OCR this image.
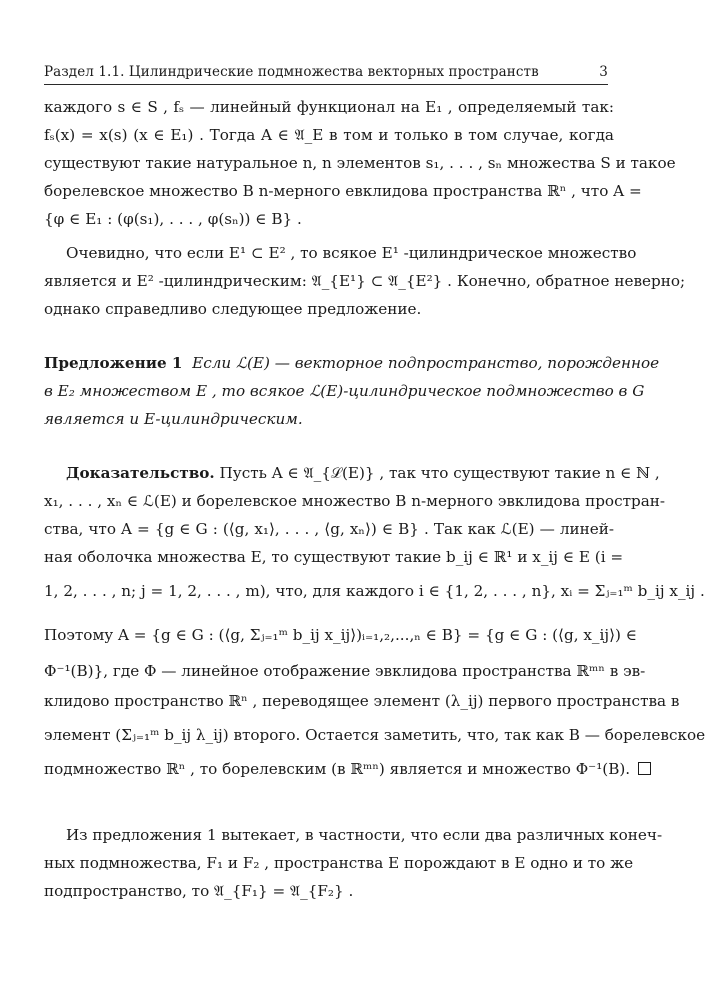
Раздел 1.1. Цилиндрические подмножества векторных пространств	3
каждого s ∈ S , fₛ — линейный функционал на E₁ , определяемый так:
fₛ(x) = x(s) (x ∈ E₁) . Тогда A ∈ 𝔄_E в том и только в том случае, когда
существуют такие натуральное n, n элементов s₁, . . . , sₙ множества S и такое
борелевское множество B n-мерного евклидова пространства ℝⁿ , что A =
{φ ∈ E₁ : (φ(s₁), . . . , φ(sₙ)) ∈ B} .
Очевидно, что если E¹ ⊂ E² , то всякое E¹ -цилиндрическое множество
является и E² -цилиндрическим: 𝔄_{E¹} ⊂ 𝔄_{E²} . Конечно, обратное неверно;
однако справедливо следующее предложение.
Предложение 1 Если ℒ(E) — векторное подпространство, порожденное
в E₂ множеством E , то всякое ℒ(E)-цилиндрическое подмножество в G
является и E-цилиндрическим.
Доказательство. Пусть A ∈ 𝔄_{ℒ(E)} , так что существуют такие n ∈ ℕ ,
x₁, . . . , xₙ ∈ ℒ(E) и борелевское множество B n-мерного эвклидова простран-
ства, что A = {g ∈ G : (⟨g, x₁⟩, . . . , ⟨g, xₙ⟩) ∈ B} . Так как ℒ(E) — линей-
ная оболочка множества E, то существуют такие b_ij ∈ ℝ¹ и x_ij ∈ E (i =
1, 2, . . . , n; j = 1, 2, . . . , m), что, для каждого i ∈ {1, 2, . . . , n}, xᵢ = Σⱼ₌₁ᵐ b_ij x_ij .
Поэтому A = {g ∈ G : (⟨g, Σⱼ₌₁ᵐ b_ij x_ij⟩)ᵢ₌₁,₂,...,ₙ ∈ B} = {g ∈ G : (⟨g, x_ij⟩) ∈
Φ⁻¹(B)}, где Φ — линейное отображение эвклидова пространства ℝᵐⁿ в эв-
клидово пространство ℝⁿ , переводящее элемент (λ_ij) первого пространства в
элемент (Σⱼ₌₁ᵐ b_ij λ_ij) второго. Остается заметить, что, так как B — борелевское
подмножество ℝⁿ , то борелевским (в ℝᵐⁿ) является и множество Φ⁻¹(B).
Из предложения 1 вытекает, в частности, что если два различных конеч-
ных подмножества, F₁ и F₂ , пространства E порождают в E одно и то же
подпространство, то 𝔄_{F₁} = 𝔄_{F₂} .
